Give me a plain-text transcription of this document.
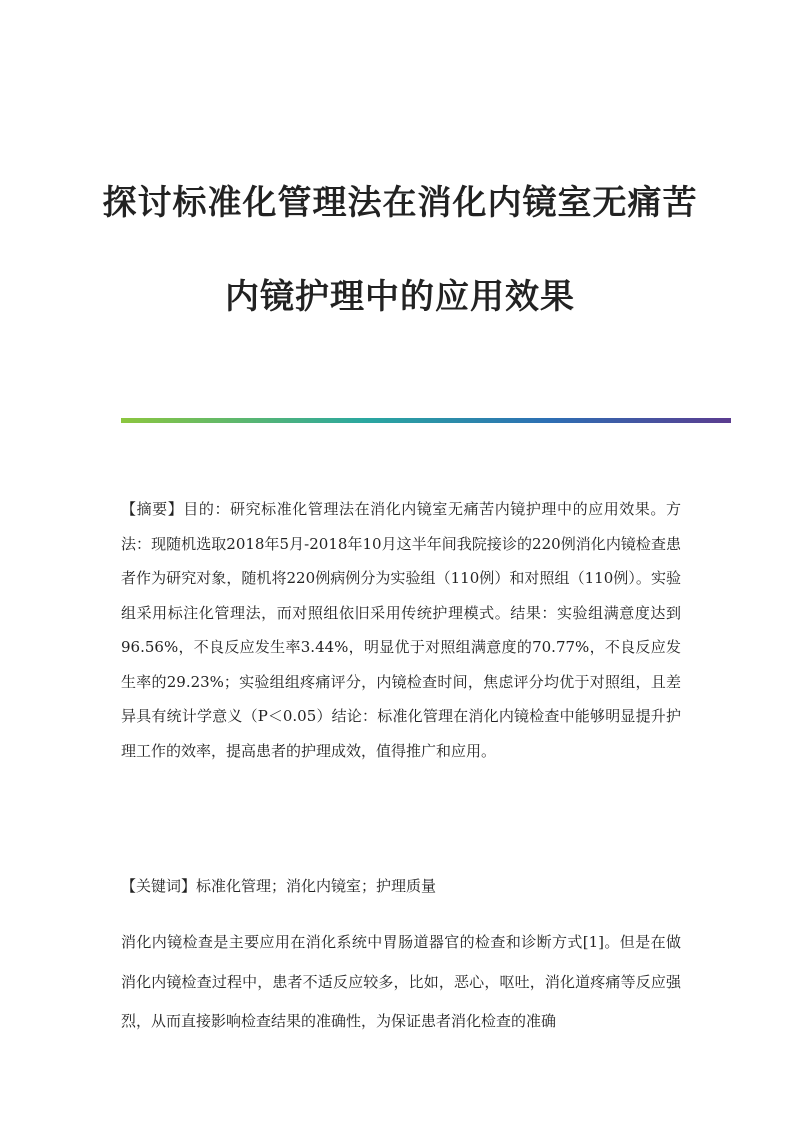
探讨标准化管理法在消化内镜室无痛苦
内镜护理中的应用效果
【摘要】目的：研究标准化管理法在消化内镜室无痛苦内镜护理中的应用效果。方法：现随机选取2018年5月-2018年10月这半年间我院接诊的220例消化内镜检查患者作为研究对象，随机将220例病例分为实验组（110例）和对照组（110例）。实验组采用标注化管理法，而对照组依旧采用传统护理模式。结果：实验组满意度达到96.56%，不良反应发生率3.44%，明显优于对照组满意度的70.77%，不良反应发生率的29.23%；实验组组疼痛评分，内镜检查时间，焦虑评分均优于对照组，且差异具有统计学意义（P＜0.05）结论：标准化管理在消化内镜检查中能够明显提升护理工作的效率，提高患者的护理成效，值得推广和应用。
【关键词】标准化管理；消化内镜室；护理质量
消化内镜检查是主要应用在消化系统中胃肠道器官的检查和诊断方式[1]。但是在做消化内镜检查过程中，患者不适反应较多，比如，恶心，呕吐，消化道疼痛等反应强烈，从而直接影响检查结果的准确性，为保证患者消化检查的准确
